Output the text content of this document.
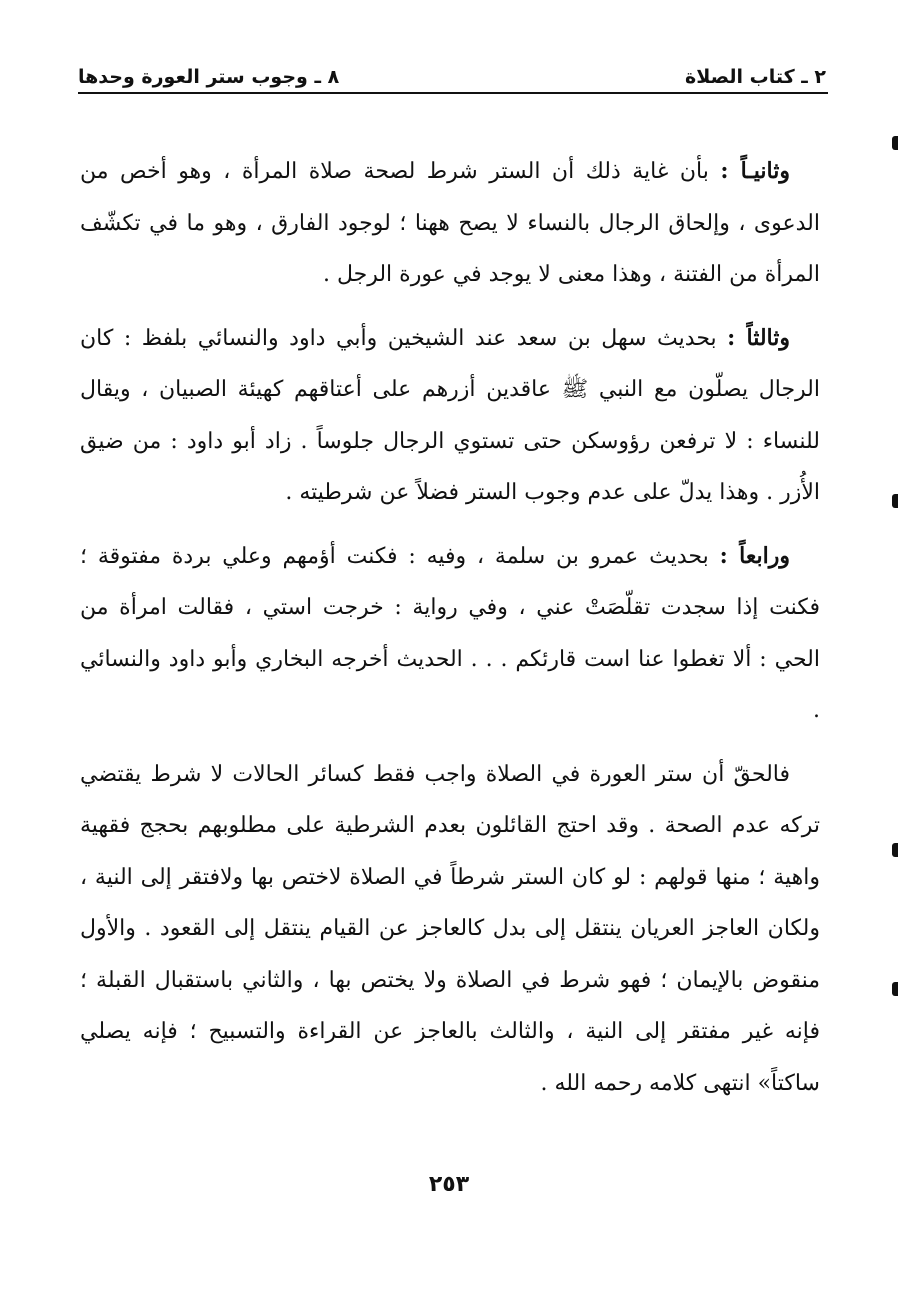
٢ ـ كتاب الصلاة
٨ ـ وجوب ستر العورة وحدها

وثانيـاً : بأن غاية ذلك أن الستر شرط لصحة صلاة المرأة ، وهو أخص من الدعوى ، وإلحاق الرجال بالنساء لا يصح ههنا ؛ لوجود الفارق ، وهو ما في تكشّف المرأة من الفتنة ، وهذا معنى لا يوجد في عورة الرجل .

وثالثاً : بحديث سهل بن سعد عند الشيخين وأبي داود والنسائي بلفظ : كان الرجال يصلّون مع النبي ﷺ عاقدين أزرهم على أعتاقهم كهيئة الصبيان ، ويقال للنساء : لا ترفعن رؤوسكن حتى تستوي الرجال جلوساً . زاد أبو داود : من ضيق الأُزر . وهذا يدلّ على عدم وجوب الستر فضلاً عن شرطيته .

ورابعاً : بحديث عمرو بن سلمة ، وفيه : فكنت أؤمهم وعلي بردة مفتوقة ؛ فكنت إذا سجدت تقلّصَتْ عني ، وفي رواية : خرجت استي ، فقالت امرأة من الحي : ألا تغطوا عنا است قارئكم . . . الحديث أخرجه البخاري وأبو داود والنسائي .

فالحقّ أن ستر العورة في الصلاة واجب فقط كسائر الحالات لا شرط يقتضي تركه عدم الصحة . وقد احتج القائلون بعدم الشرطية على مطلوبهم بحجج فقهية واهية ؛ منها قولهم : لو كان الستر شرطاً في الصلاة لاختص بها ولافتقر إلى النية ، ولكان العاجز العريان ينتقل إلى بدل كالعاجز عن القيام ينتقل إلى القعود . والأول منقوض بالإيمان ؛ فهو شرط في الصلاة ولا يختص بها ، والثاني باستقبال القبلة ؛ فإنه غير مفتقر إلى النية ، والثالث بالعاجز عن القراءة والتسبيح ؛ فإنه يصلي ساكتاً» انتهى كلامه رحمه الله .

٢٥٣
